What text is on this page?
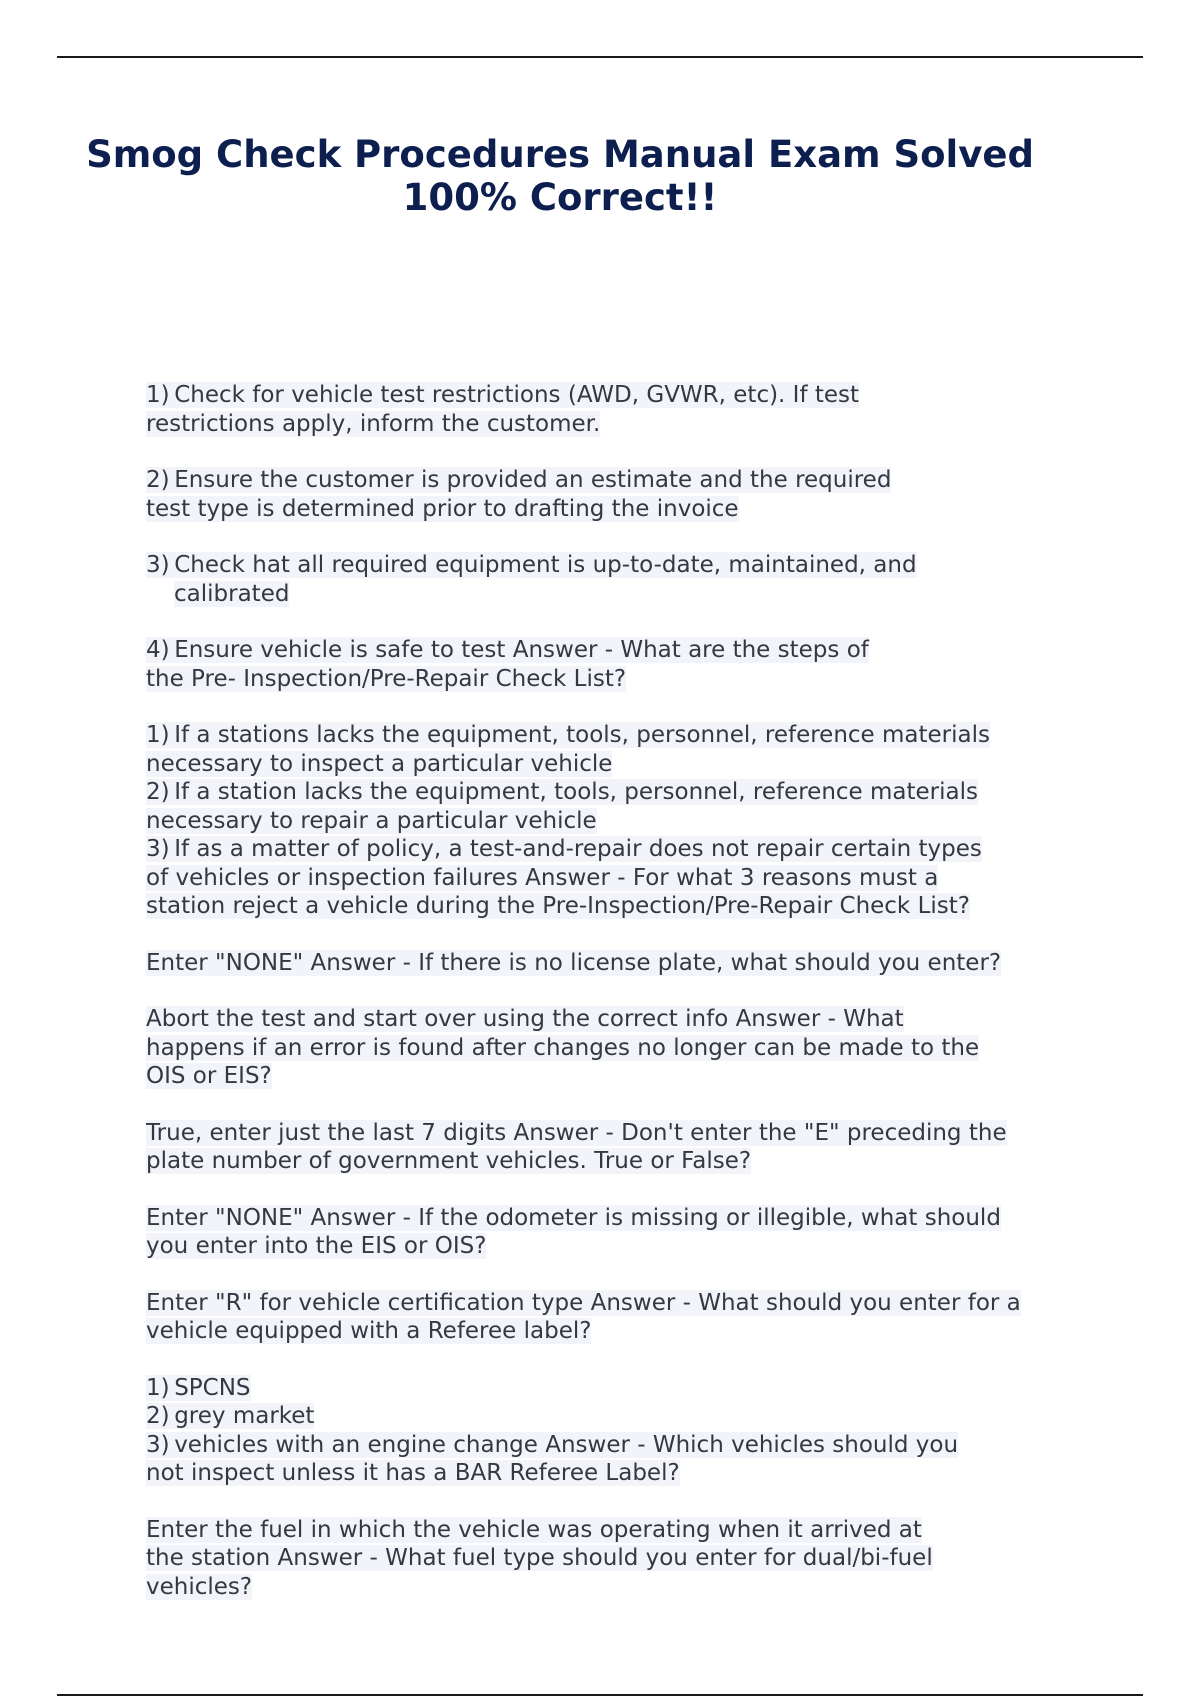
Smog Check Procedures Manual Exam Solved
100% Correct!!
1) Check for vehicle test restrictions (AWD, GVWR, etc). If test
restrictions apply, inform the customer.
2) Ensure the customer is provided an estimate and the required
test type is determined prior to drafting the invoice
3) Check hat all required equipment is up-to-date, maintained, and
calibrated
4) Ensure vehicle is safe to test Answer - What are the steps of
the Pre- Inspection/Pre-Repair Check List?
1) If a stations lacks the equipment, tools, personnel, reference materials
necessary to inspect a particular vehicle
2) If a station lacks the equipment, tools, personnel, reference materials
necessary to repair a particular vehicle
3) If as a matter of policy, a test-and-repair does not repair certain types
of vehicles or inspection failures Answer - For what 3 reasons must a
station reject a vehicle during the Pre-Inspection/Pre-Repair Check List?
Enter "NONE" Answer - If there is no license plate, what should you enter?
Abort the test and start over using the correct info Answer - What
happens if an error is found after changes no longer can be made to the
OIS or EIS?
True, enter just the last 7 digits Answer - Don't enter the "E" preceding the
plate number of government vehicles. True or False?
Enter "NONE" Answer - If the odometer is missing or illegible, what should
you enter into the EIS or OIS?
Enter "R" for vehicle certification type Answer - What should you enter for a
vehicle equipped with a Referee label?
1) SPCNS
2) grey market
3) vehicles with an engine change Answer - Which vehicles should you
not inspect unless it has a BAR Referee Label?
Enter the fuel in which the vehicle was operating when it arrived at
the station Answer - What fuel type should you enter for dual/bi-fuel
vehicles?
